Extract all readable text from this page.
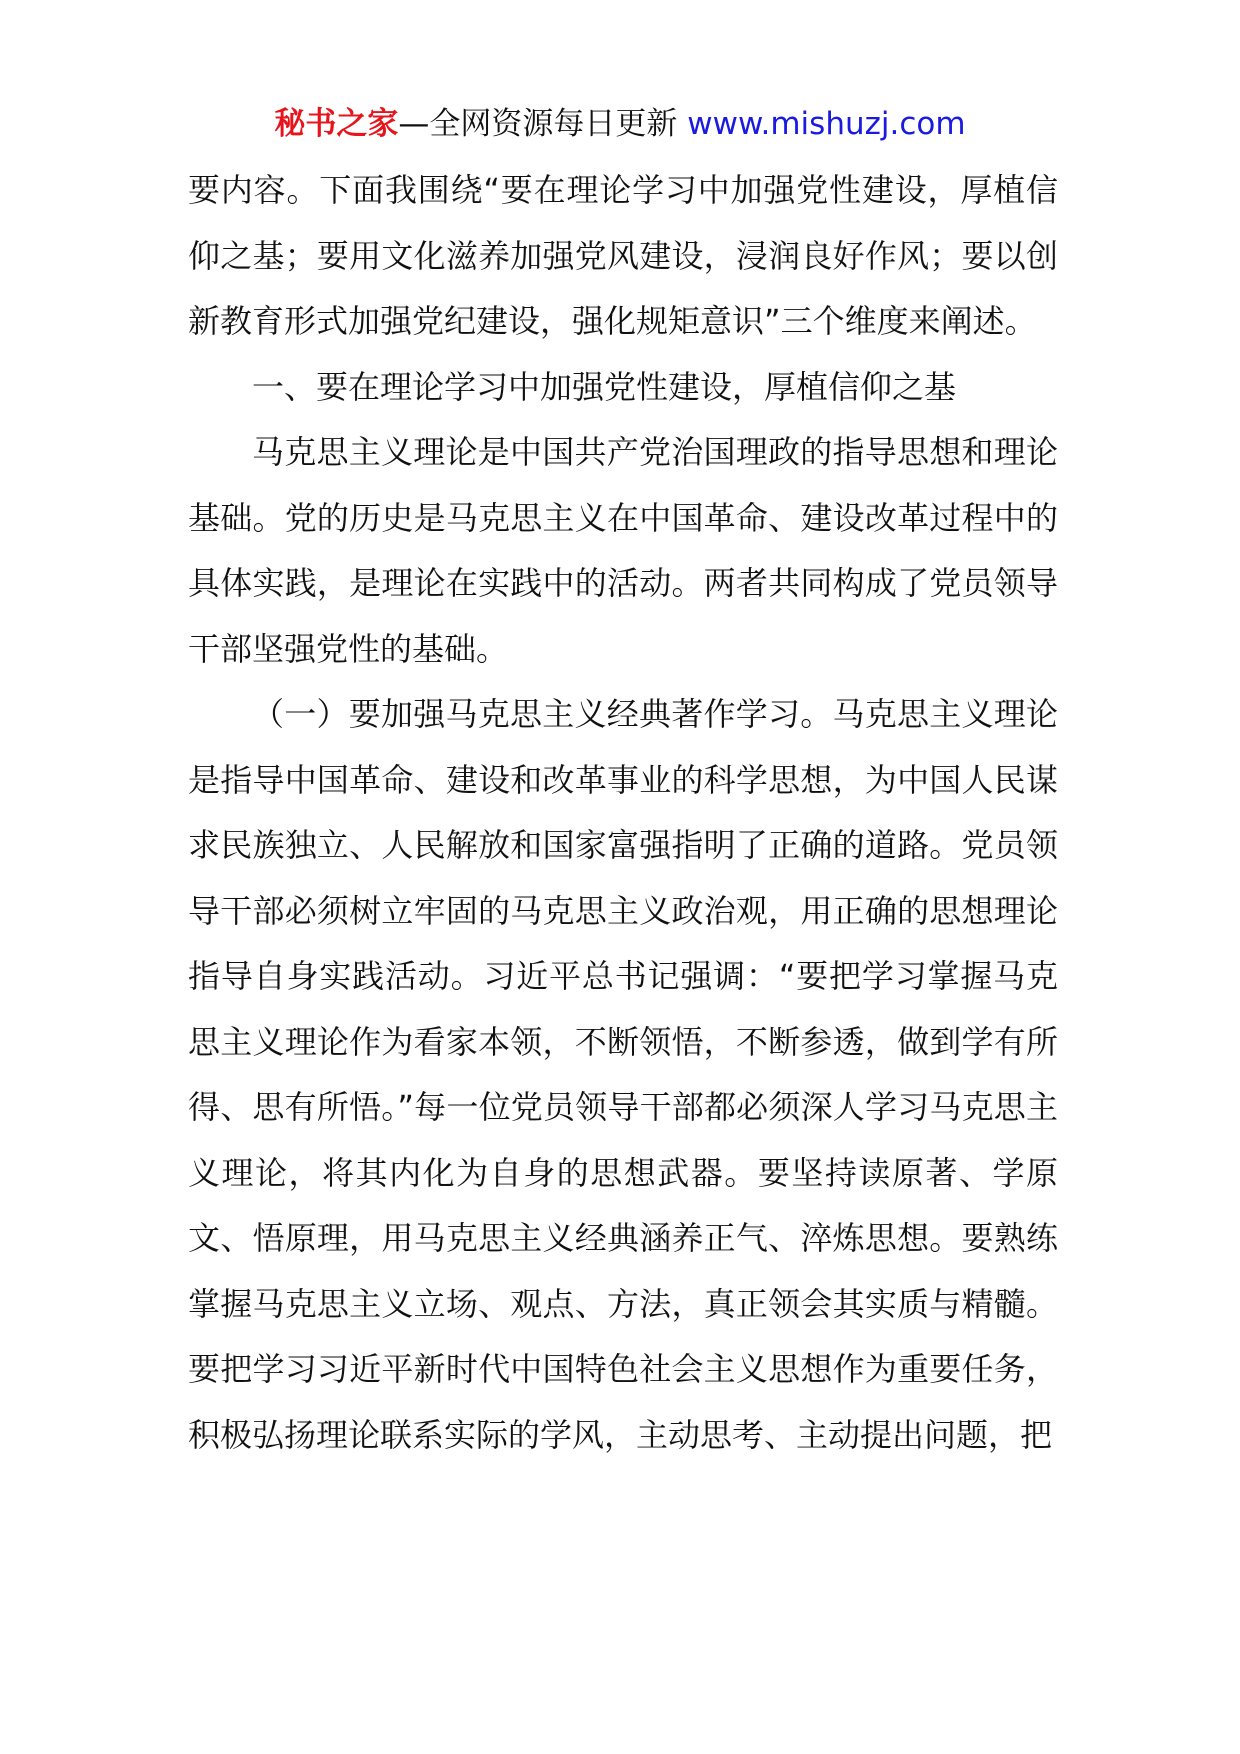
秘书之家—全网资源每日更新 www.mishuzj.com

要内容。下面我围绕“要在理论学习中加强党性建设，厚植信仰之基；要用文化滋养加强党风建设，浸润良好作风；要以创新教育形式加强党纪建设，强化规矩意识”三个维度来阐述。

一、要在理论学习中加强党性建设，厚植信仰之基

马克思主义理论是中国共产党治国理政的指导思想和理论基础。党的历史是马克思主义在中国革命、建设改革过程中的具体实践，是理论在实践中的活动。两者共同构成了党员领导干部坚强党性的基础。

（一）要加强马克思主义经典著作学习。马克思主义理论是指导中国革命、建设和改革事业的科学思想，为中国人民谋求民族独立、人民解放和国家富强指明了正确的道路。党员领导干部必须树立牢固的马克思主义政治观，用正确的思想理论指导自身实践活动。习近平总书记强调：“要把学习掌握马克思主义理论作为看家本领，不断领悟，不断参透，做到学有所得、思有所悟。”每一位党员领导干部都必须深人学习马克思主义理论，将其内化为自身的思想武器。要坚持读原著、学原文、悟原理，用马克思主义经典涵养正气、淬炼思想。要熟练掌握马克思主义立场、观点、方法，真正领会其实质与精髓。要把学习习近平新时代中国特色社会主义思想作为重要任务，积极弘扬理论联系实际的学风，主动思考、主动提出问题，把
